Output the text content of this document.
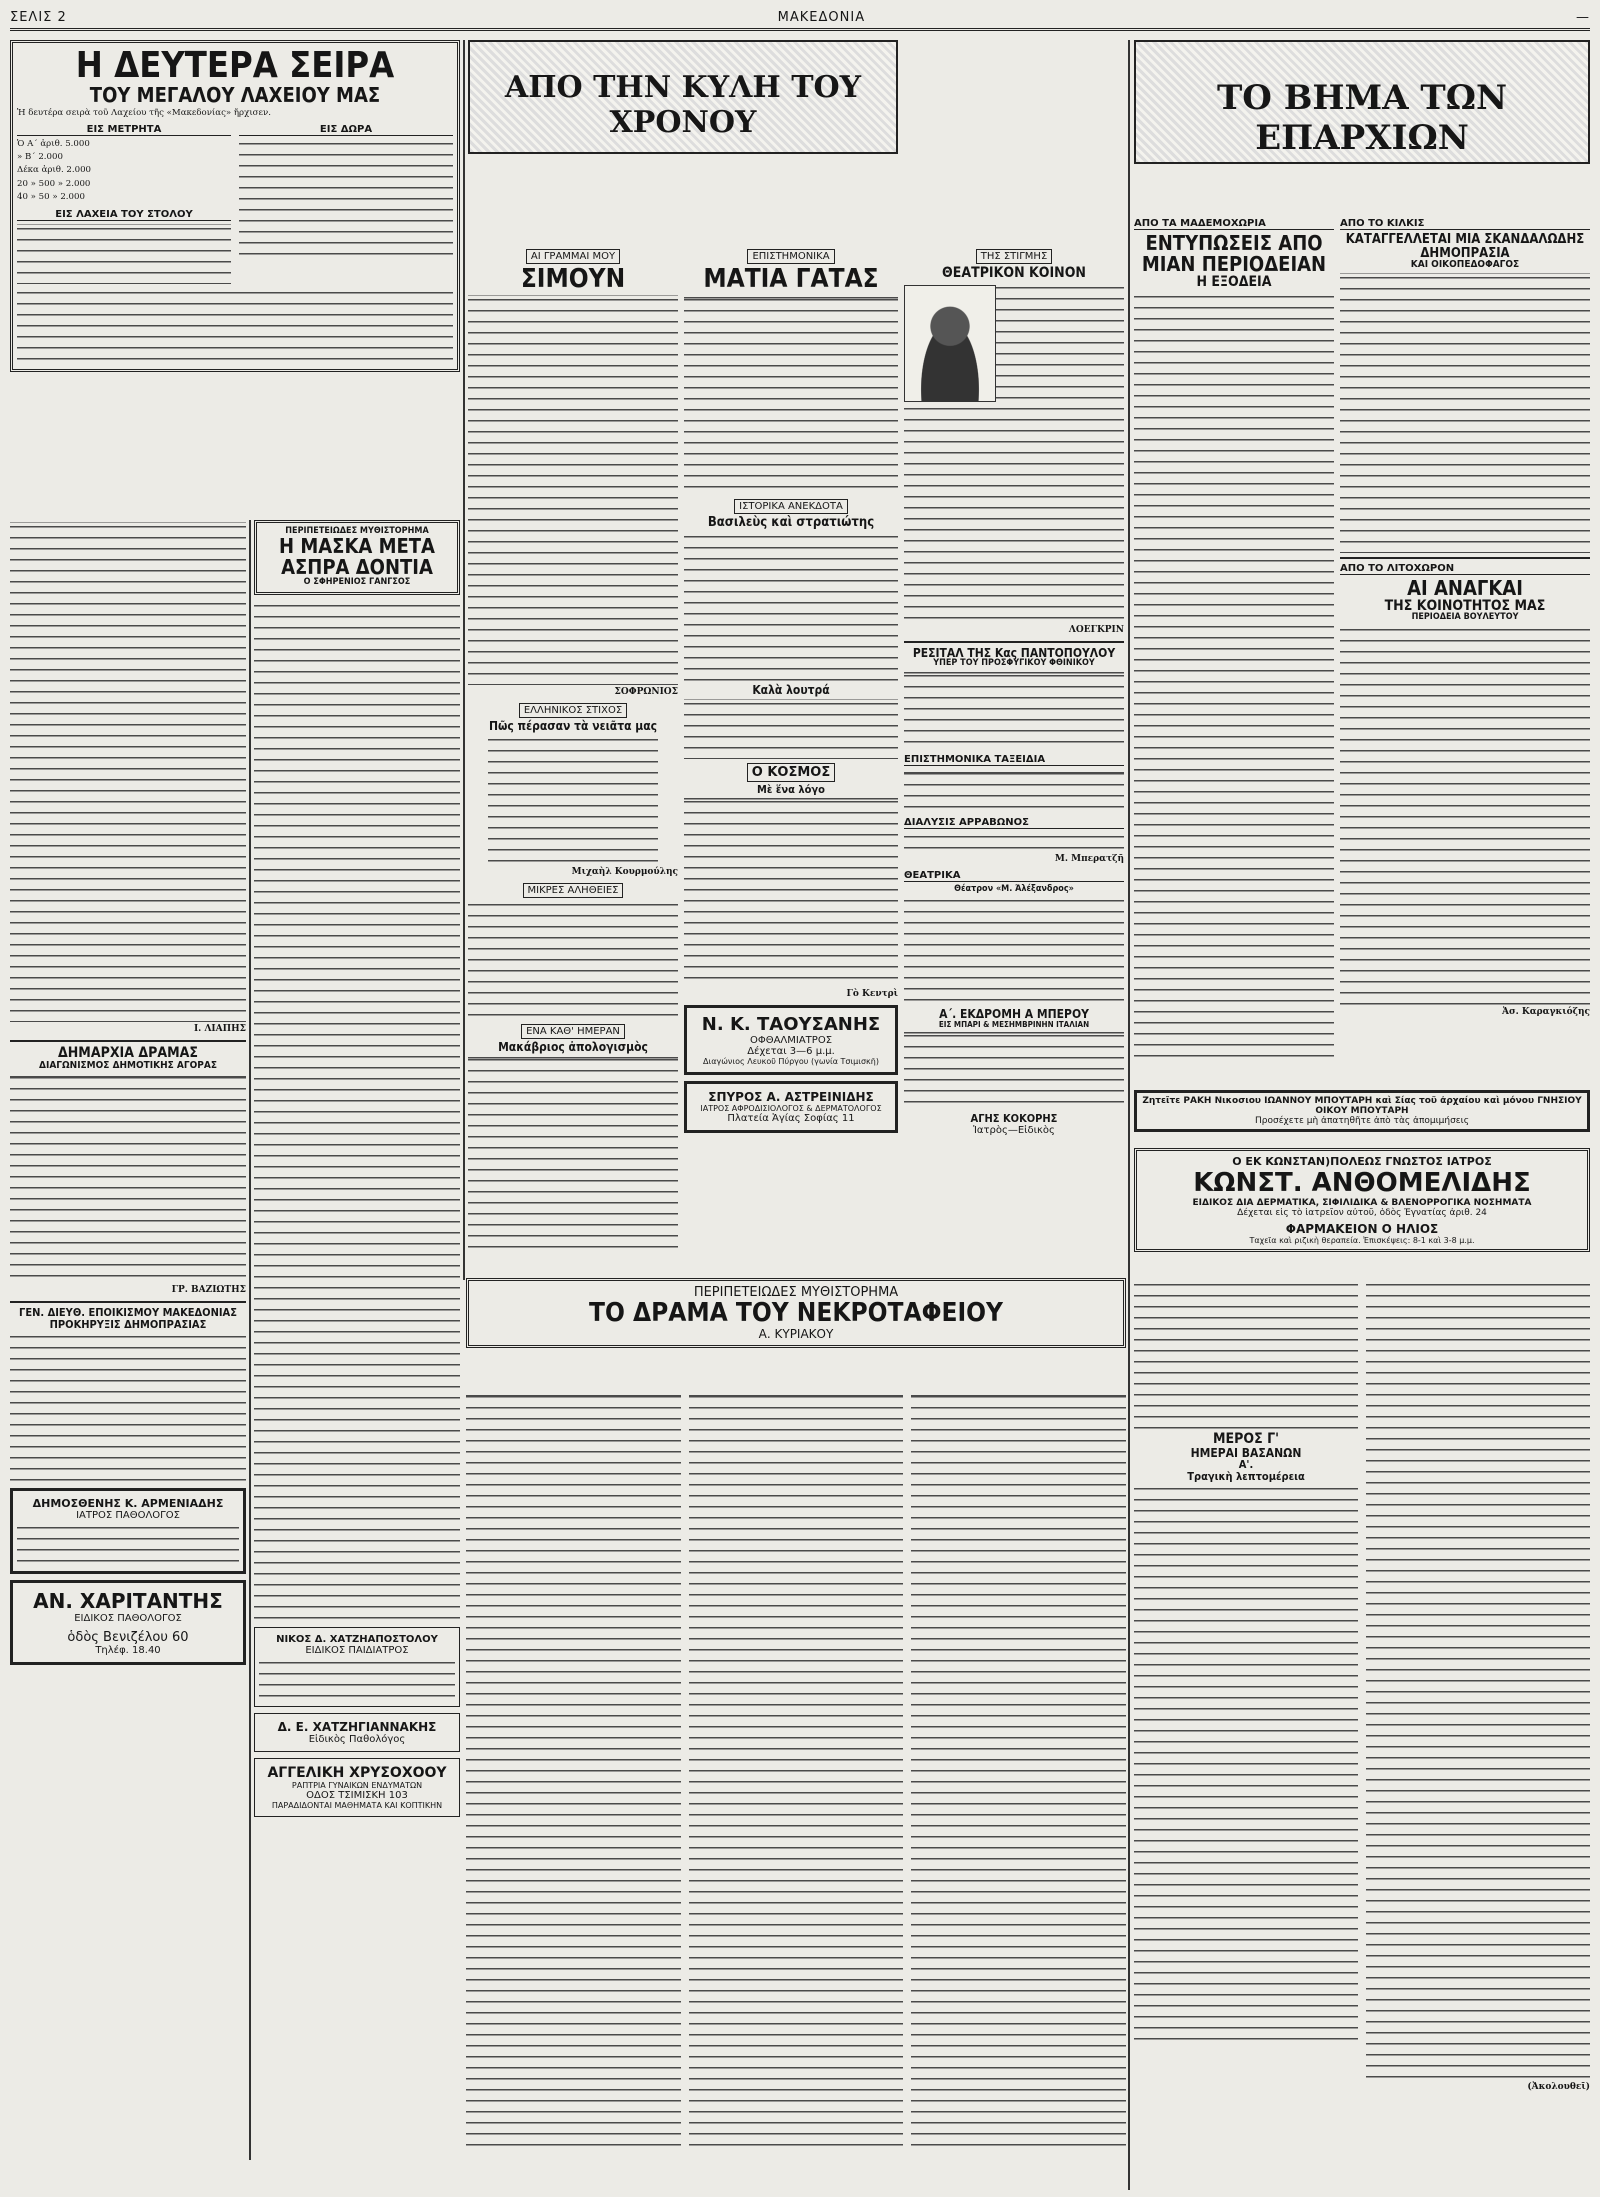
ΣΕΛΙΣ 2	ΜΑΚΕΔΟΝΙΑ	—
Η ΔΕΥΤΕΡΑ ΣΕΙΡΑ
ΤΟΥ ΜΕΓΑΛΟΥ ΛΑΧΕΙΟΥ ΜΑΣ
Ἡ δευτέρα σειρὰ τοῦ Λαχείου τῆς «Μακεδονίας» ἤρχισεν.
ΕΙΣ ΜΕΤΡΗΤΑ
Ὁ Α΄ ἀριθ. 5.000
» Β΄ 2.000
Δέκα ἀριθ. 2.000
20 » 500 » 2.000
40 » 50 » 2.000
ΕΙΣ ΛΑΧΕΙΑ ΤΟΥ ΣΤΟΛΟΥ
ΕΙΣ ΔΩΡΑ
Ι. ΛΙΑΠΗΣ
ΔΗΜΑΡΧΙΑ ΔΡΑΜΑΣ
ΔΙΑΓΩΝΙΣΜΟΣ ΔΗΜΟΤΙΚΗΣ ΑΓΟΡΑΣ
ΓΡ. ΒΑΖΙΩΤΗΣ
ΓΕΝ. ΔΙΕΥΘ. ΕΠΟΙΚΙΣΜΟΥ ΜΑΚΕΔΟΝΙΑΣ
ΠΡΟΚΗΡΥΞΙΣ ΔΗΜΟΠΡΑΣΙΑΣ
ΔΗΜΟΣΘΕΝΗΣ Κ. ΑΡΜΕΝΙΑΔΗΣ
ΙΑΤΡΟΣ ΠΑΘΟΛΟΓΟΣ
ΑΝ. ΧΑΡΙΤΑΝΤΗΣ
ΕΙΔΙΚΟΣ ΠΑΘΟΛΟΓΟΣ
ὁδὸς Βενιζέλου 60
Τηλέφ. 18.40
ΠΕΡΙΠΕΤΕΙΩΔΕΣ ΜΥΘΙΣΤΟΡΗΜΑ
Η ΜΑΣΚΑ ΜΕΤΑ ΑΣΠΡΑ ΔΟΝΤΙΑ
Ο ΣΦΗΡΕΝΙΟΣ ΓΑΝΓΣΟΣ
ΝΙΚΟΣ Δ. ΧΑΤΖΗΑΠΟΣΤΟΛΟΥ
ΕΙΔΙΚΟΣ ΠΑΙΔΙΑΤΡΟΣ
Δ. Ε. ΧΑΤΖΗΓΙΑΝΝΑΚΗΣ
Εἰδικὸς Παθολόγος
ΑΓΓΕΛΙΚΗ ΧΡΥΣΟΧΟΟΥ
ΡΑΠΤΡΙΑ ΓΥΝΑΙΚΩΝ ΕΝΔΥΜΑΤΩΝ
ΟΔΟΣ ΤΣΙΜΙΣΚΗ 103
ΠΑΡΑΔΙΔΟΝΤΑΙ ΜΑΘΗΜΑΤΑ ΚΑΙ ΚΟΠΤΙΚΗΝ
ΑΠΟ ΤΗΝ ΚΥΛΗ ΤΟΥ ΧΡΟΝΟΥ
ΑΙ ΓΡΑΜΜΑΙ ΜΟΥ
ΣΙΜΟΥΝ
ΣΟΦΡΩΝΙΟΣ
ΕΛΛΗΝΙΚΟΣ ΣΤΙΧΟΣ
Πῶς πέρασαν τὰ νειᾶτα μας
Μιχαὴλ Κουρμούλης
ΜΙΚΡΕΣ ΑΛΗΘΕΙΕΣ
ΕΝΑ ΚΑΘ' ΗΜΕΡΑΝ
Μακάβριος ἀπολογισμὸς
ΕΠΙΣΤΗΜΟΝΙΚΑ
ΜΑΤΙΑ ΓΑΤΑΣ
ΙΣΤΟΡΙΚΑ ΑΝΕΚΔΟΤΑ
Βασιλεὺς καὶ στρατιώτης
Καλὰ λουτρά
Ο ΚΟΣΜΟΣ
Μὲ ἕνα λόγο
Γὸ Κεντρὶ
Ν. Κ. ΤΑΟΥΣΑΝΗΣ
ΟΦΘΑΛΜΙΑΤΡΟΣ
Δέχεται 3—6 μ.μ.
Διαγώνιος Λευκοῦ Πύργου (γωνία Τσιμισκῆ)
ΣΠΥΡΟΣ Α. ΑΣΤΡΕΙΝΙΔΗΣ
ΙΑΤΡΟΣ ΑΦΡΟΔΙΣΙΟΛΟΓΟΣ & ΔΕΡΜΑΤΟΛΟΓΟΣ
Πλατεία Ἁγίας Σοφίας 11
ΤΗΣ ΣΤΙΓΜΗΣ
ΘΕΑΤΡΙΚΟΝ ΚΟΙΝΟΝ
ΛΟΕΓΚΡΙΝ
ΡΕΣΙΤΑΛ ΤΗΣ Κας ΠΑΝΤΟΠΟΥΛΟΥ
ΥΠΕΡ ΤΟΥ ΠΡΟΣΦΥΓΙΚΟΥ ΦΘΙΝΙΚΟΥ
ΕΠΙΣΤΗΜΟΝΙΚΑ ΤΑΞΕΙΔΙΑ
ΔΙΑΛΥΣΙΣ ΑΡΡΑΒΩΝΟΣ
Μ. Μπερατζῆ
ΘΕΑΤΡΙΚΑ
Θέατρον «Μ. Ἀλέξανδρος»
Α΄. ΕΚΔΡΟΜΗ Α ΜΠΕΡΟΥ
ΕΙΣ ΜΠΑΡΙ & ΜΕΣΗΜΒΡΙΝΗΝ ΙΤΑΛΙΑΝ
ΑΓΗΣ ΚΟΚΟΡΗΣ
Ἰατρὸς—Εἰδικὸς
ΤΟ ΒΗΜΑ ΤΩΝ ΕΠΑΡΧΙΩΝ
ΑΠΟ ΤΑ ΜΑΔΕΜΟΧΩΡΙΑ
ΕΝΤΥΠΩΣΕΙΣ ΑΠΟ ΜΙΑΝ ΠΕΡΙΟΔΕΙΑΝ
Η ΕΞΟΔΕΙΑ
ΑΠΟ ΤΟ ΚΙΛΚΙΣ
ΚΑΤΑΓΓΕΛΛΕΤΑΙ ΜΙΑ ΣΚΑΝΔΑΛΩΔΗΣ ΔΗΜΟΠΡΑΣΙΑ
ΚΑΙ ΟΙΚΟΠΕΔΟΦΑΓΟΣ
ΑΠΟ ΤΟ ΛΙΤΟΧΩΡΟΝ
ΑΙ ΑΝΑΓΚΑΙ
ΤΗΣ ΚΟΙΝΟΤΗΤΟΣ ΜΑΣ
ΠΕΡΙΟΔΕΙΑ ΒΟΥΛΕΥΤΟΥ
Ἀσ. Καραγκιόζης
Ζητεῖτε ΡΑΚΗ Νικοσιου ΙΩΑΝΝΟΥ ΜΠΟΥΤΑΡΗ καὶ Σίας τοῦ ἀρχαίου καὶ μόνου ΓΝΗΣΙΟΥ ΟΙΚΟΥ ΜΠΟΥΤΑΡΗ
Προσέχετε μὴ ἀπατηθῆτε ἀπὸ τὰς ἀπομιμήσεις
Ο ΕΚ ΚΩΝΣΤΑΝ)ΠΟΛΕΩΣ ΓΝΩΣΤΟΣ ΙΑΤΡΟΣ
ΚΩΝΣΤ. ΑΝΘΟΜΕΛΙΔΗΣ
ΕΙΔΙΚΟΣ ΔΙΑ ΔΕΡΜΑΤΙΚΑ, ΣΙΦΙΛΙΔΙΚΑ & ΒΛΕΝΟΡΡΟΓΙΚΑ ΝΟΣΗΜΑΤΑ
Δέχεται εἰς τὸ ἰατρεῖον αὐτοῦ, ὁδὸς Ἐγνατίας ἀριθ. 24
ΦΑΡΜΑΚΕΙΟΝ Ο ΗΛΙΟΣ
Ταχεῖα καὶ ριζικὴ θεραπεία. Ἐπισκέψεις: 8-1 καὶ 3-8 μ.μ.
ΠΕΡΙΠΕΤΕΙΩΔΕΣ ΜΥΘΙΣΤΟΡΗΜΑ
ΤΟ ΔΡΑΜΑ ΤΟΥ ΝΕΚΡΟΤΑΦΕΙΟΥ
Α. ΚΥΡΙΑΚΟΥ
ΜΕΡΟΣ Γ'
ΗΜΕΡΑΙ ΒΑΣΑΝΩΝ
Α'.
Τραγικὴ λεπτομέρεια
(Ἀκολουθεῖ)
